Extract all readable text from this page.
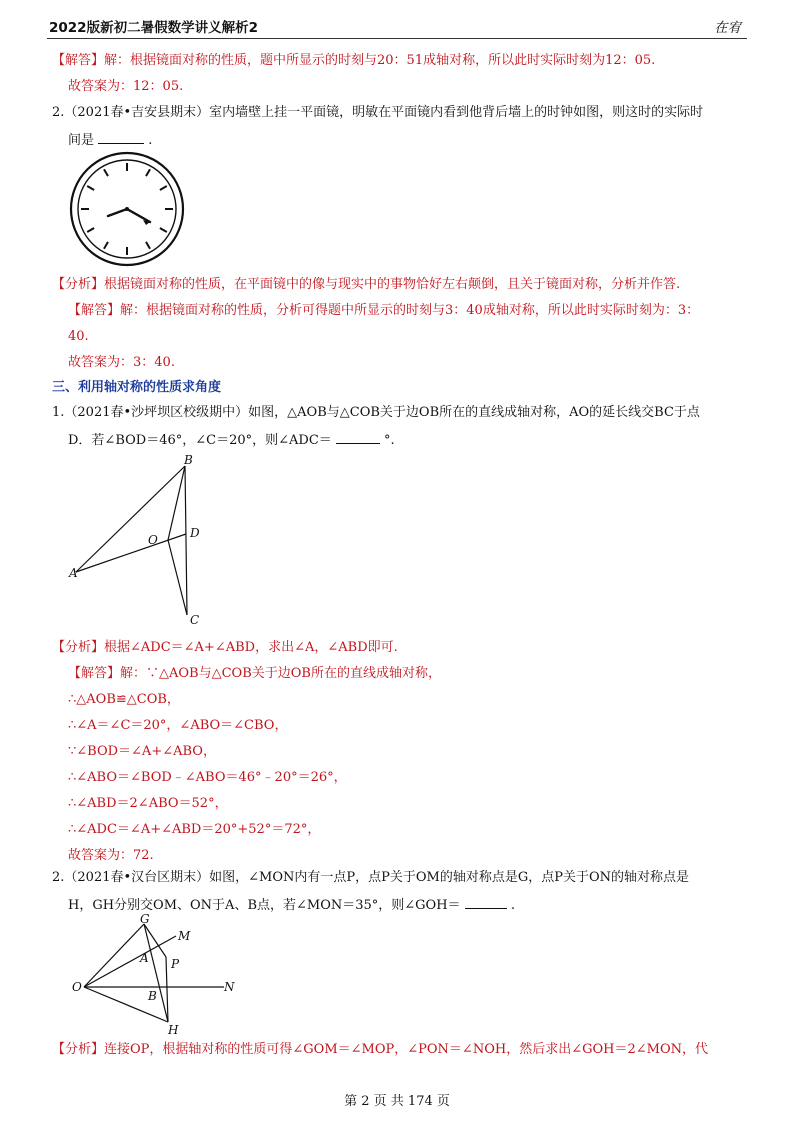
2022版新初二暑假数学讲义解析2	在宥
【解答】解：根据镜面对称的性质，题中所显示的时刻与20：51成轴对称，所以此时实际时刻为12：05.
故答案为：12：05.
2.（2021春•吉安县期末）室内墙壁上挂一平面镜，明敏在平面镜内看到他背后墙上的时钟如图，则这时的实际时
间是	.
【分析】根据镜面对称的性质，在平面镜中的像与现实中的事物恰好左右颠倒，且关于镜面对称，分析并作答.
【解答】解：根据镜面对称的性质，分析可得题中所显示的时刻与3：40成轴对称，所以此时实际时刻为：3：
40.
故答案为：3：40.
三、利用轴对称的性质求角度
1.（2021春•沙坪坝区校级期中）如图，△AOB与△COB关于边OB所在的直线成轴对称，AO的延长线交BC于点
D．若∠BOD＝46°，∠C＝20°，则∠ADC＝	°.
B
O	D
A
C
【分析】根据∠ADC＝∠A+∠ABD，求出∠A，∠ABD即可.
【解答】解：∵△AOB与△COB关于边OB所在的直线成轴对称，
∴△AOB≌△COB，
∴∠A＝∠C＝20°，∠ABO＝∠CBO，
∵∠BOD＝∠A+∠ABO，
∴∠ABO＝∠BOD﹣∠ABO＝46°﹣20°＝26°，
∴∠ABD＝2∠ABO＝52°，
∴∠ADC＝∠A+∠ABD＝20°+52°＝72°，
故答案为：72.
2.（2021春•汉台区期末）如图，∠MON内有一点P，点P关于OM的轴对称点是G，点P关于ON的轴对称点是
H，GH分别交OM、ON于A、B点，若∠MON＝35°，则∠GOH＝	.
G
M
A P
O
B
N
H
【分析】连接OP，根据轴对称的性质可得∠GOM＝∠MOP，∠PON＝∠NOH，然后求出∠GOH＝2∠MON，代
第 2 页 共 174 页
